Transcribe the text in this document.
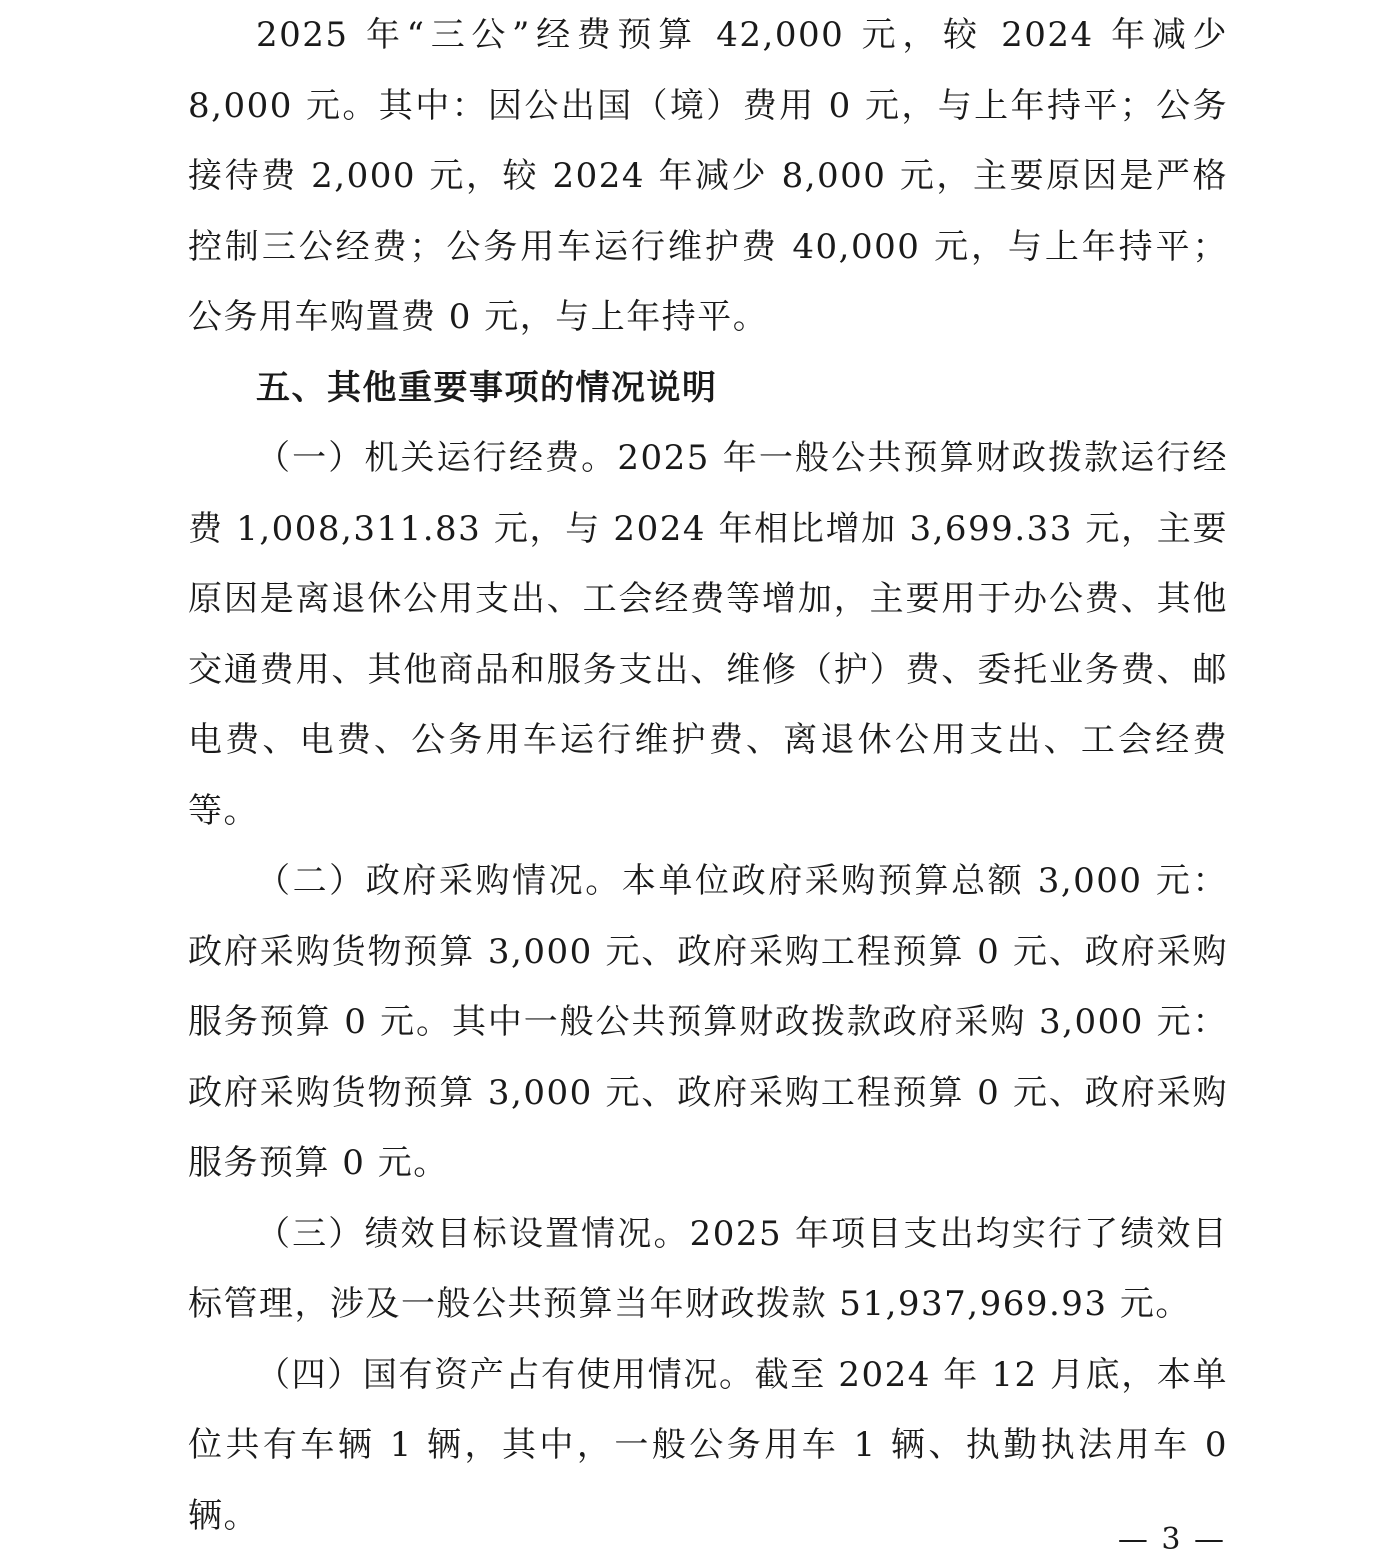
2025 年“三公”经费预算 42,000 元，较 2024 年减少 8,000 元。其中：因公出国（境）费用 0 元，与上年持平；公务接待费 2,000 元，较 2024 年减少 8,000 元，主要原因是严格控制三公经费；公务用车运行维护费 40,000 元，与上年持平；公务用车购置费 0 元，与上年持平。

五、其他重要事项的情况说明

（一）机关运行经费。2025 年一般公共预算财政拨款运行经费 1,008,311.83 元，与 2024 年相比增加 3,699.33 元，主要原因是离退休公用支出、工会经费等增加，主要用于办公费、其他交通费用、其他商品和服务支出、维修（护）费、委托业务费、邮电费、电费、公务用车运行维护费、离退休公用支出、工会经费等。

（二）政府采购情况。本单位政府采购预算总额 3,000 元：政府采购货物预算 3,000 元、政府采购工程预算 0 元、政府采购服务预算 0 元。其中一般公共预算财政拨款政府采购 3,000 元：政府采购货物预算 3,000 元、政府采购工程预算 0 元、政府采购服务预算 0 元。

（三）绩效目标设置情况。2025 年项目支出均实行了绩效目标管理，涉及一般公共预算当年财政拨款 51,937,969.93 元。

（四）国有资产占有使用情况。截至 2024 年 12 月底，本单位共有车辆 1 辆，其中，一般公务用车 1 辆、执勤执法用车 0 辆。

— 3 —
